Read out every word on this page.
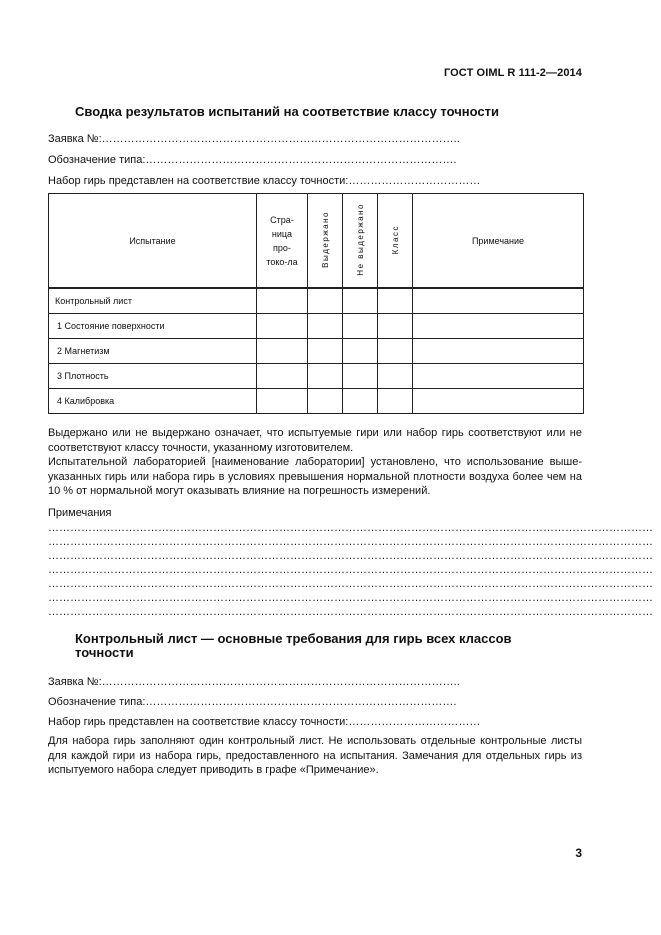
ГОСТ OIML R 111-2—2014
Сводка результатов испытаний на соответствие классу точности
Заявка №:……………………………………………………………………………………..
Обозначение типа:………………………………………………………………………….
Набор гирь представлен на соответствие классу точности:………………………………
Испытание	Стра-
ница
про-
токо-ла	Выдержано	Не выдержано	Класс	Примечание
Контрольный лист					
1 Состояние поверхности					
2 Магнетизм					
3 Плотность					
4 Калибровка					
Выдержано или не выдержано означает, что испытуемые гири или набор гирь соответствуют или не соответствуют классу точности, указанному изготовителем.
Испытательной лабораторией [наименование лаборатории] установлено, что использование выше-указанных гирь или набора гирь в условиях превышения нормальной плотности воздуха более чем на 10 % от нормальной могут оказывать влияние на погрешность измерений.
Примечания
…………………………………………………………………………………………………………………………………………………
…………………………………………………………………………………………………………………………………………………
…………………………………………………………………………………………………………………………………………………
…………………………………………………………………………………………………………………………………………………
…………………………………………………………………………………………………………………………………………………
…………………………………………………………………………………………………………………………………………………
…………………………………………………………………………………………………………………………………………………
Контрольный лист — основные требования для гирь всех классов точности
Заявка №:……………………………………………………………………………………..
Обозначение типа:………………………………………………………………………….
Набор гирь представлен на соответствие классу точности:………………………………
Для набора гирь заполняют один контрольный лист. Не использовать отдельные контрольные листы для каждой гири из набора гирь, предоставленного на испытания. Замечания для отдельных гирь из испытуемого набора следует приводить в графе «Примечание».
3
